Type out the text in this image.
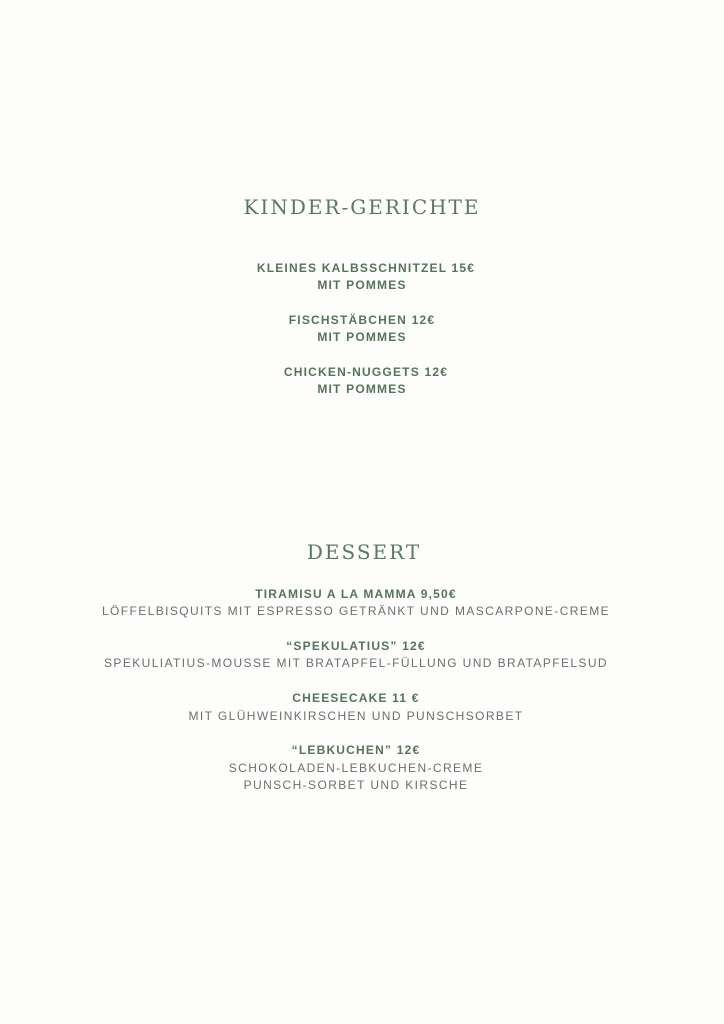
KINDER-GERICHTE
KLEINES KALBSSCHNITZEL 15€
MIT POMMES
FISCHSTÄBCHEN 12€
MIT POMMES
CHICKEN-NUGGETS 12€
MIT POMMES
DESSERT
TIRAMISU A LA MAMMA 9,50€
LÖFFELBISQUITS MIT ESPRESSO GETRÄNKT UND MASCARPONE-CREME
“SPEKULATIUS” 12€
SPEKULIATIUS-MOUSSE MIT BRATAPFEL-FÜLLUNG UND BRATAPFELSUD
CHEESECAKE 11 €
MIT GLÜHWEINKIRSCHEN UND PUNSCHSORBET
“LEBKUCHEN” 12€
SCHOKOLADEN-LEBKUCHEN-CREME
PUNSCH-SORBET UND KIRSCHE
